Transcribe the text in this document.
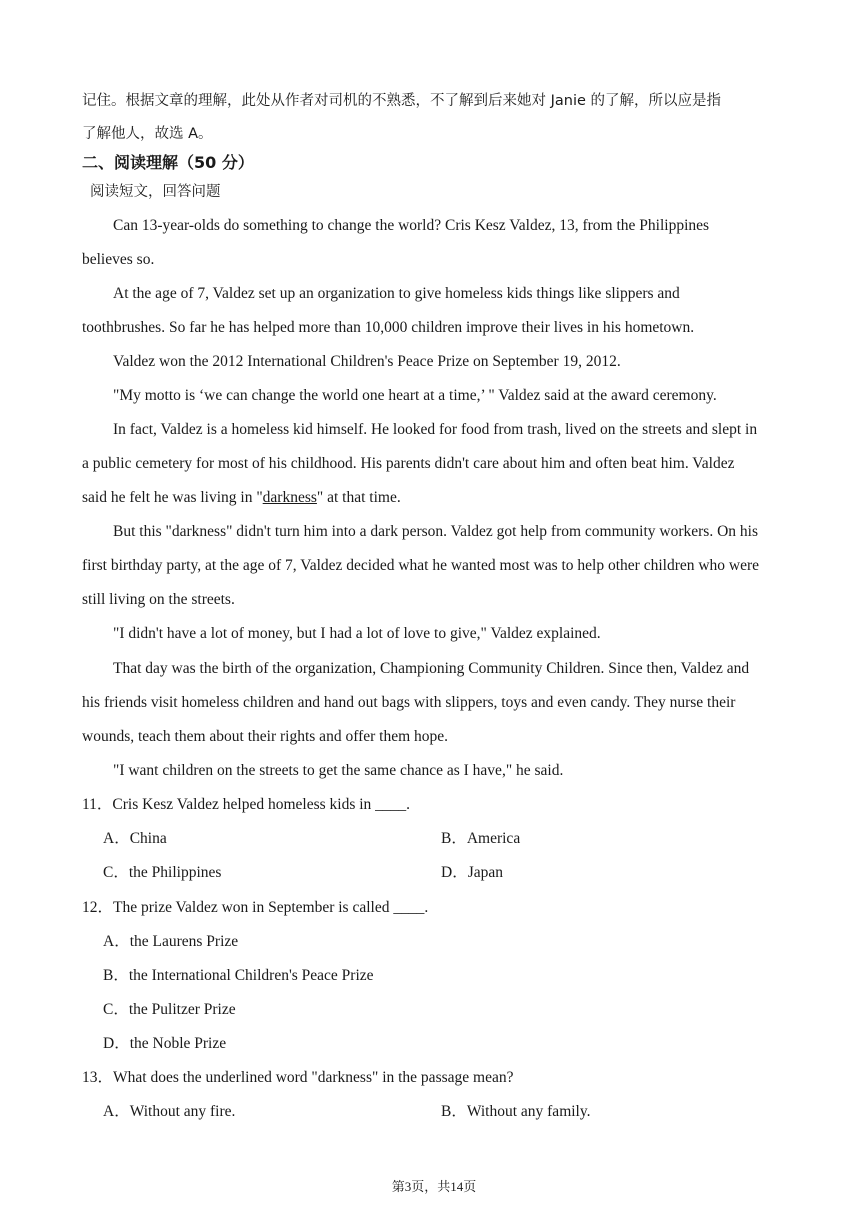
记住。根据文章的理解，此处从作者对司机的不熟悉，不了解到后来她对 Janie 的了解，所以应是指
了解他人，故选 A。
二、阅读理解（50 分）
阅读短文，回答问题
Can 13-year-olds do something to change the world? Cris Kesz Valdez, 13, from the Philippines
believes so.
At the age of 7, Valdez set up an organization to give homeless kids things like slippers and
toothbrushes. So far he has helped more than 10,000 children improve their lives in his hometown.
Valdez won the 2012 International Children's Peace Prize on September 19, 2012.
"My motto is ‘we can change the world one heart at a time,’ " Valdez said at the award ceremony.
In fact, Valdez is a homeless kid himself. He looked for food from trash, lived on the streets and slept in
a public cemetery for most of his childhood. His parents didn't care about him and often beat him. Valdez
said he felt he was living in "darkness" at that time.
But this "darkness" didn't turn him into a dark person. Valdez got help from community workers. On his
first birthday party, at the age of 7, Valdez decided what he wanted most was to help other children who were
still living on the streets.
"I didn't have a lot of money, but I had a lot of love to give," Valdez explained.
That day was the birth of the organization, Championing Community Children. Since then, Valdez and
his friends visit homeless children and hand out bags with slippers, toys and even candy. They nurse their
wounds, teach them about their rights and offer them hope.
"I want children on the streets to get the same chance as I have," he said.
11．Cris Kesz Valdez helped homeless kids in ____.
A．China	B．America
C．the Philippines	D．Japan
12．The prize Valdez won in September is called ____.
A．the Laurens Prize
B．the International Children's Peace Prize
C．the Pulitzer Prize
D．the Noble Prize
13．What does the underlined word "darkness" in the passage mean?
A．Without any fire.	B．Without any family.
第3页，共14页
